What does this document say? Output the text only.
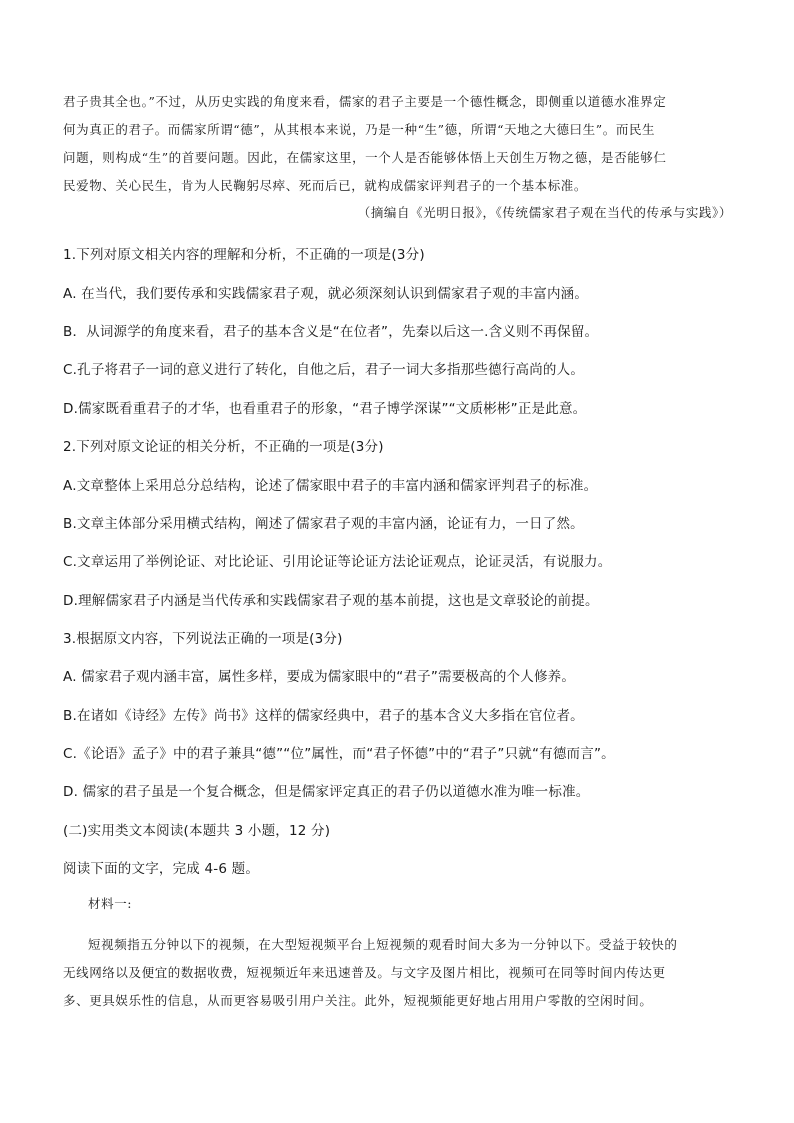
君子贵其全也。”不过，从历史实践的角度来看，儒家的君子主要是一个德性概念，即侧重以道德水准界定

何为真正的君子。而儒家所谓“德”，从其根本来说，乃是一种“生”德，所谓“天地之大德曰生”。而民生

问题，则构成“生”的首要问题。因此，在儒家这里，一个人是否能够体悟上天创生万物之德，是否能够仁

民爱物、关心民生，肯为人民鞠躬尽瘁、死而后已，就构成儒家评判君子的一个基本标准。

（摘编自《光明日报》，《传统儒家君子观在当代的传承与实践》）

1.下列对原文相关内容的理解和分析，不正确的一项是(3分)

A. 在当代，我们要传承和实践儒家君子观，就必须深刻认识到儒家君子观的丰富内涵。

B．从词源学的角度来看，君子的基本含义是“在位者”，先秦以后这一.含义则不再保留。

C.孔子将君子一词的意义进行了转化，自他之后，君子一词大多指那些德行高尚的人。

D.儒家既看重君子的才华，也看重君子的形象，“君子博学深谋”“文质彬彬”正是此意。

2.下列对原文论证的相关分析，不正确的一项是(3分)

A.文章整体上采用总分总结构，论述了儒家眼中君子的丰富内涵和儒家评判君子的标准。

B.文章主体部分采用横式结构，阐述了儒家君子观的丰富内涵，论证有力，一日了然。

C.文章运用了举例论证、对比论证、引用论证等论证方法论证观点，论证灵活，有说服力。

D.理解儒家君子内涵是当代传承和实践儒家君子观的基本前提，这也是文章驳论的前提。

3.根据原文内容，下列说法正确的一项是(3分)

A. 儒家君子观内涵丰富，属性多样，要成为儒家眼中的“君子”需要极高的个人修养。

B.在诸如《诗经》左传》尚书》这样的儒家经典中，君子的基本含义大多指在官位者。

C.《论语》孟子》中的君子兼具“德”“位”属性，而“君子怀德”中的“君子”只就“有德而言”。

D. 儒家的君子虽是一个复合概念，但是儒家评定真正的君子仍以道德水准为唯一标准。

(二)实用类文本阅读(本题共 3 小题，12 分)

阅读下面的文字，完成 4-6 题。

材料一:

短视频指五分钟以下的视频，在大型短视频平台上短视频的观看时间大多为一分钟以下。受益于较快的

无线网络以及便宜的数据收费，短视频近年来迅速普及。与文字及图片相比，视频可在同等时间内传达更

多、更具娱乐性的信息，从而更容易吸引用户关注。此外，短视频能更好地占用用户零散的空闲时间。
